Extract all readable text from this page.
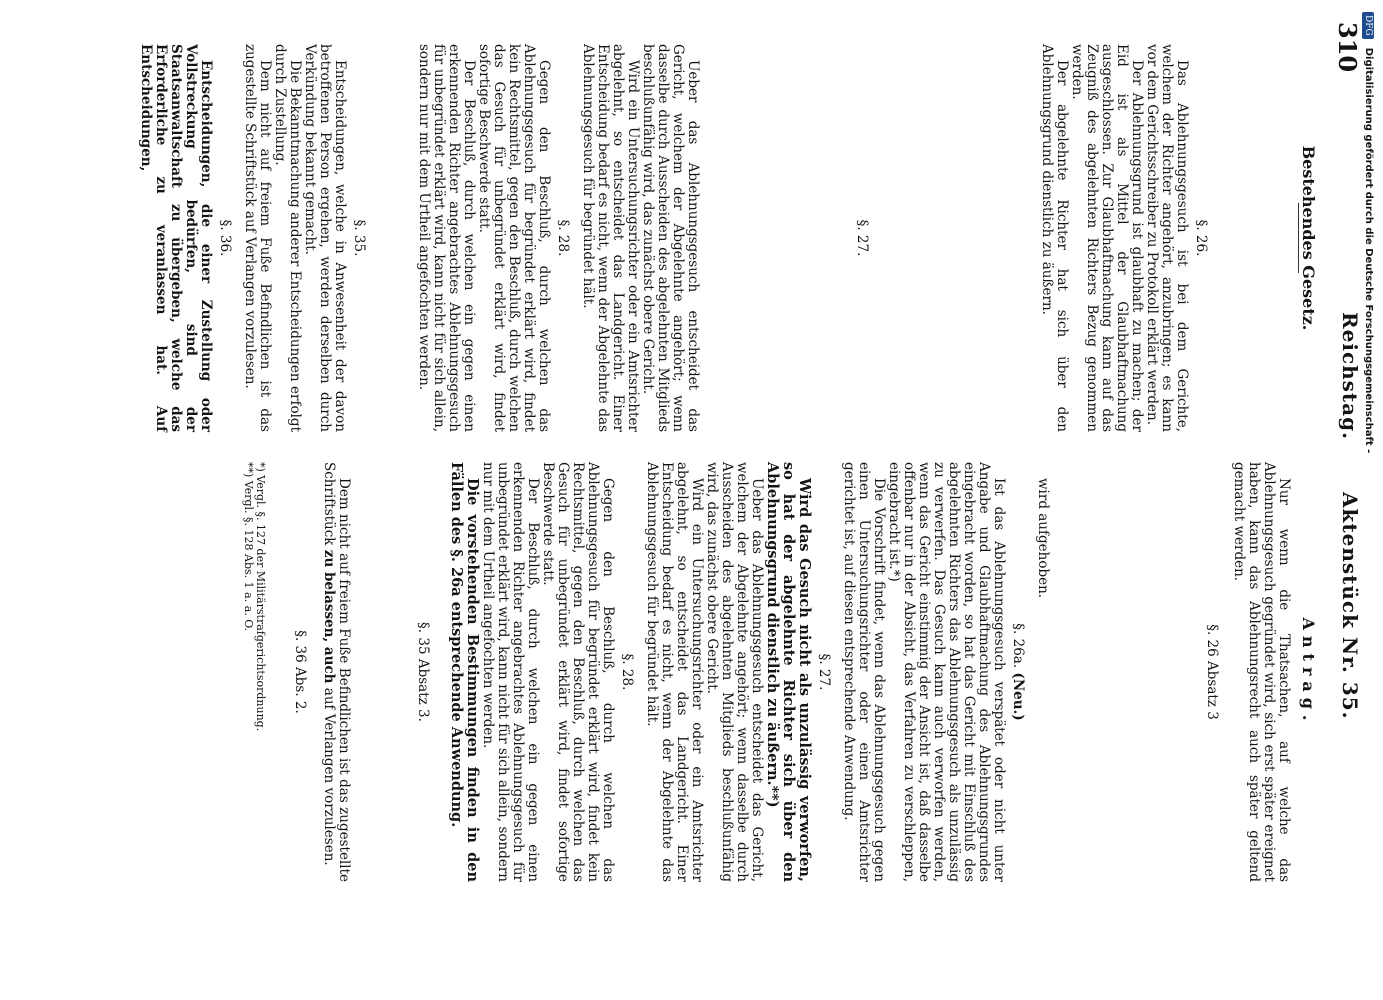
310
Reichstag.
Aktenstück Nr. 35.
Bestehendes Gesetz.
§. 26.

Das Ablehnungsgesuch ist bei dem Gerichte, welchem der Richter angehört, anzubringen; es kann vor dem Gerichtsschreiber zu Protokoll erklärt werden.

Der Ablehnungsgrund ist glaubhaft zu machen; der Eid ist als Mittel der Glaubhaftmachung ausgeschlossen. Zur Glaubhaftmachung kann auf das Zeugniß des abgelehnten Richters Bezug genommen werden.

Der abgelehnte Richter hat sich über den Ablehnungsgrund dienstlich zu äußern.

§. 27.

Ueber das Ablehnungsgesuch entscheidet das Gericht, welchem der Abgelehnte angehört; wenn dasselbe durch Ausscheiden des abgelehnten Mitglieds beschlußunfähig wird, das zunächst obere Gericht.

Wird ein Untersuchungsrichter oder ein Amtsrichter abgelehnt, so entscheidet das Landgericht. Einer Entscheidung bedarf es nicht, wenn der Abgelehnte das Ablehnungsgesuch für begründet hält.

§. 28.

Gegen den Beschluß, durch welchen das Ablehnungsgesuch für begründet erklärt wird, findet kein Rechtsmittel, gegen den Beschluß, durch welchen das Gesuch für unbegründet erklärt wird, findet sofortige Beschwerde statt.

Der Beschluß, durch welchen ein gegen einen erkennenden Richter angebrachtes Ablehnungsgesuch für unbegründet erklärt wird, kann nicht für sich allein, sondern nur mit dem Urtheil angefochten werden.

§. 35.

Entscheidungen, welche in Anwesenheit der davon betroffenen Person ergehen, werden derselben durch Verkündung bekannt gemacht.

Die Bekanntmachung anderer Entscheidungen erfolgt durch Zustellung.

Dem nicht auf freiem Fuße Befindlichen ist das zugestellte Schriftstück auf Verlangen vorzulesen.

§. 36.

Entscheidungen, die einer Zustellung oder Vollstreckung bedürfen, sind der Staatsanwaltschaft zu übergeben, welche das Erforderliche zu veranlassen hat. Auf Entscheidungen,

Antrag.

Nur wenn die Thatsachen, auf welche das Ablehnungsgesuch gegründet wird, sich erst später ereignet haben, kann das Ablehnungsrecht auch später geltend gemacht werden.

§. 26 Absatz 3

wird aufgehoben.

§. 26a. (Neu.)

Ist das Ablehnungsgesuch verspätet oder nicht unter Angabe und Glaubhaftmachung des Ablehnungsgrundes eingebracht worden, so hat das Gericht mit Einschluß des abgelehnten Richters das Ablehnungsgesuch als unzulässig zu verwerfen. Das Gesuch kann auch verworfen werden, wenn das Gericht einstimmig der Ansicht ist, daß dasselbe offenbar nur in der Absicht, das Verfahren zu verschleppen, eingebracht ist.*)

Die Vorschrift findet, wenn das Ablehnungsgesuch gegen einen Untersuchungsrichter oder einen Amtsrichter gerichtet ist, auf diesen entsprechende Anwendung.

§. 27.

Wird das Gesuch nicht als unzulässig verworfen, so hat der abgelehnte Richter sich über den Ablehnungsgrund dienstlich zu äußern.**)

Ueber das Ablehnungsgesuch entscheidet das Gericht, welchem der Abgelehnte angehört; wenn dasselbe durch Ausscheiden des abgelehnten Mitglieds beschlußunfähig wird, das zunächst obere Gericht.

Wird ein Untersuchungsrichter oder ein Amtsrichter abgelehnt, so entscheidet das Landgericht. Einer Entscheidung bedarf es nicht, wenn der Abgelehnte das Ablehnungsgesuch für begründet hält.

§. 28.

Gegen den Beschluß, durch welchen das Ablehnungsgesuch für begründet erklärt wird, findet kein Rechtsmittel, gegen den Beschluß, durch welchen das Gesuch für unbegründet erklärt wird, findet sofortige Beschwerde statt.

Der Beschluß, durch welchen ein gegen einen erkennenden Richter angebrachtes Ablehnungsgesuch für unbegründet erklärt wird, kann nicht für sich allein, sondern nur mit dem Urtheil angefochten werden.

Die vorstehenden Bestimmungen finden in den Fällen des §. 26a entsprechende Anwendung.

§. 35 Absatz 3.

Dem nicht auf freiem Fuße Befindlichen ist das zugestellte Schriftstück zu belassen, auch auf Verlangen vorzulesen.

§. 36 Abs. 2.
*) Vergl. §. 127 der Militärstrafgerichtsordnung.
**) Vergl. §. 128 Abs. 1 a. a. O.
DFG Digitalisierung gefördert durch die Deutsche Forschungsgemeinschaft -
